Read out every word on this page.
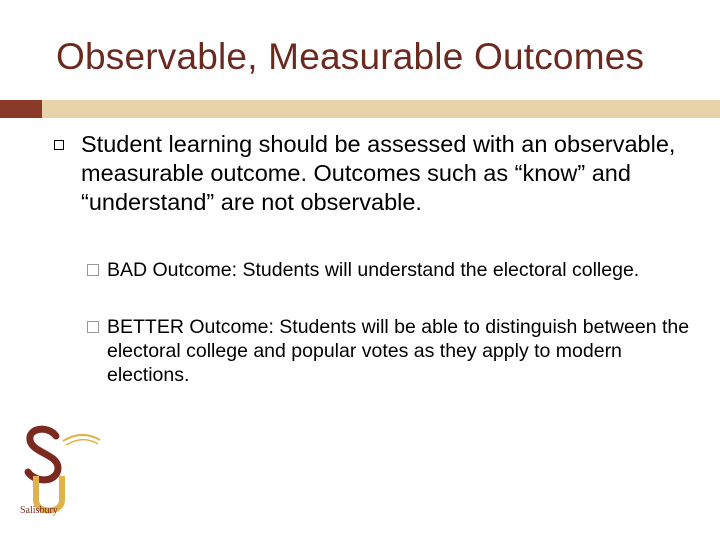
Observable, Measurable Outcomes
Student learning should be assessed with an observable, measurable outcome. Outcomes such as “know” and “understand” are not observable.
BAD Outcome: Students will understand the electoral college.
BETTER Outcome: Students will be able to distinguish between the electoral college and popular votes as they apply to modern elections.
Salisbury
